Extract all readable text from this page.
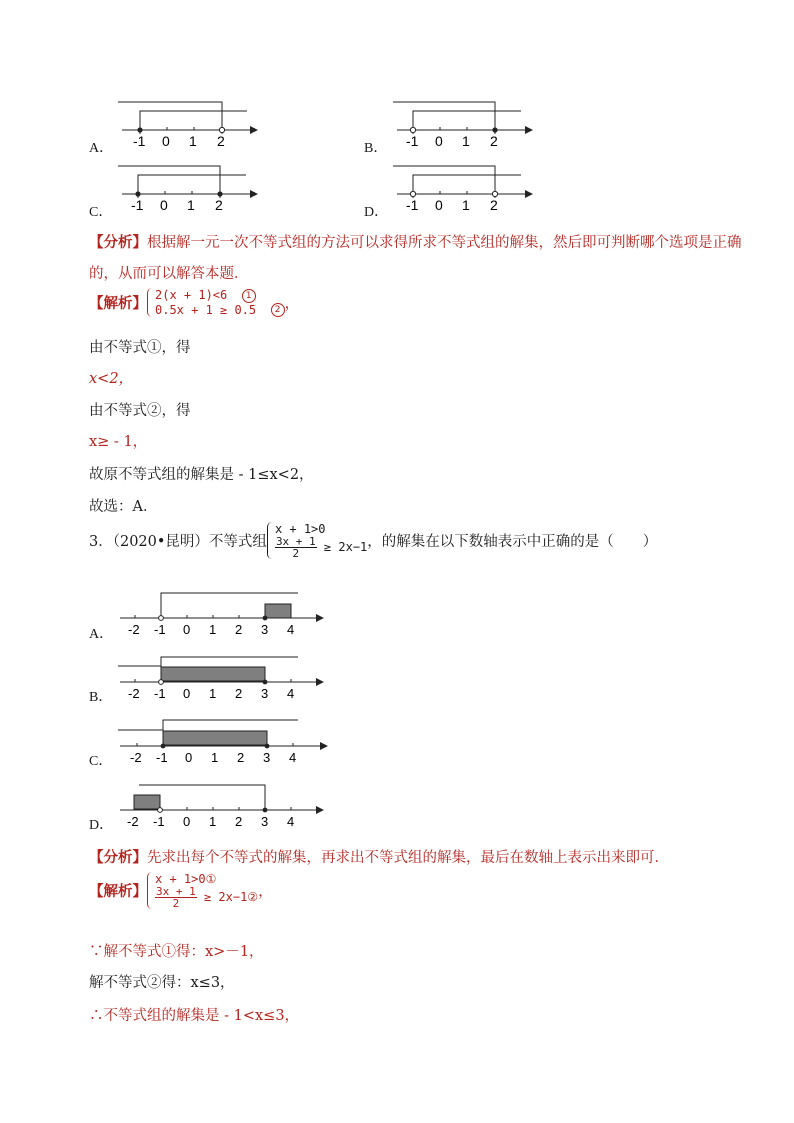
A． -1 0 1 2	B． -1 0 1 2
C． -1 0 1 2	D． -1 0 1 2
【分析】根据解一元一次不等式组的方法可以求得所求不等式组的解集，然后即可判断哪个选项是正确
的，从而可以解答本题．
【解析】 2(x + 1)<6 1
0.5x + 1 ≥ 0.5 2 ，
由不等式①，得
x<2，
由不等式②，得
x≥ - 1，
故原不等式组的解集是 - 1≤x<2，
故选：A．
3．（2020•昆明）不等式组
x + 1>0
$\frac{3x + 1}{2} \ge 2x-1$ ，的解集在以下数轴表示中正确的是（　　）
A． -2 -1 0 1 2 3 4
B． -2 -1 0 1 2 3 4
C． -2 -1 0 1 2 3 4
D． -2 -1 0 1 2 3 4
【分析】先求出每个不等式的解集，再求出不等式组的解集，最后在数轴上表示出来即可．
【解析】
x + 1>0①
$\frac{3x + 1}{2}$ ≥ 2x−1② ，
∵解不等式①得：x>－1，
解不等式②得：x≤3，
∴不等式组的解集是 - 1<x≤3，
